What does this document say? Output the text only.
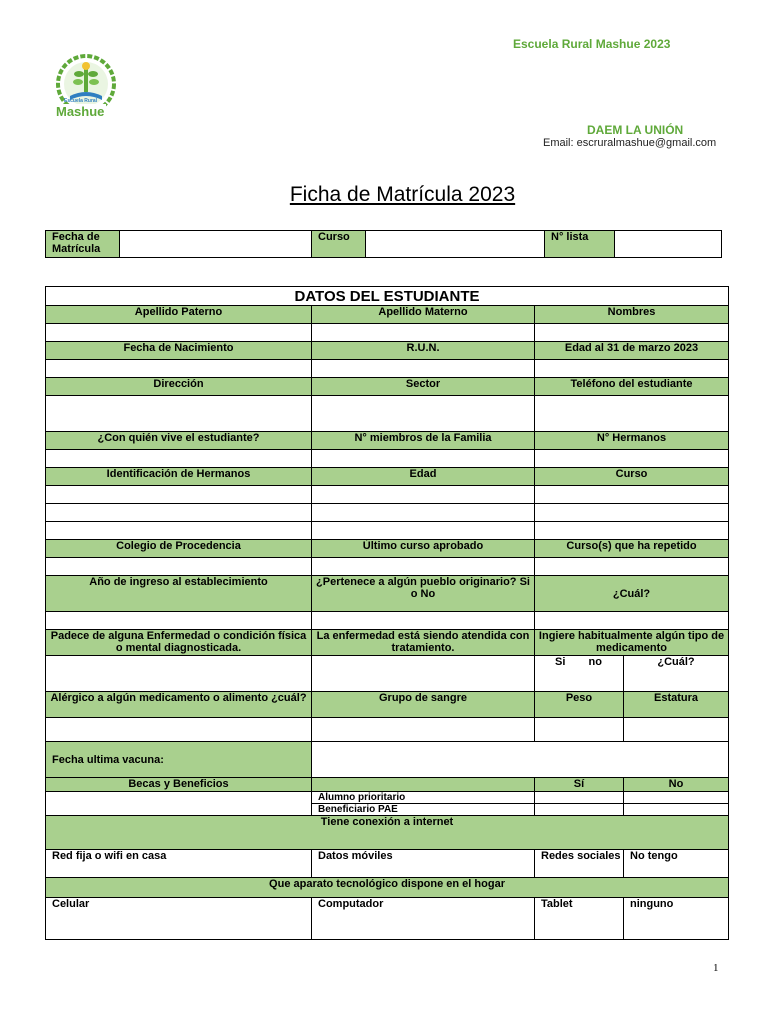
Escuela Rural
Mashue
Escuela Rural Mashue 2023
DAEM LA UNIÓN
Email: escruralmashue@gmail.com
Ficha de Matrícula 2023
Fecha de Matrícula		Curso		N° lista	
DATOS DEL ESTUDIANTE			
Apellido Paterno	Apellido Materno	Nombres	

Fecha de Nacimiento	R.U.N.	Edad al 31 de marzo 2023	

Dirección	Sector	Teléfono del estudiante	

¿Con quién vive el estudiante?	N° miembros de la Familia	N° Hermanos	

Identificación de Hermanos	Edad	Curso	

Colegio de Procedencia	Último curso aprobado	Curso(s) que ha repetido	

Año de ingreso al establecimiento	¿Pertenece a algún pueblo originario? Si o No	¿Cuál?	

Padece de alguna Enfermedad o condición física o mental diagnosticada.	La enfermedad está siendo atendida con tratamiento.	Ingiere habitualmente algún tipo de medicamento	

		Si no	¿Cuál?
Alérgico a algún medicamento o alimento ¿cuál?	Grupo de sangre	Peso	Estatura

Fecha ultima vacuna:			
Becas y Beneficios		Sí	No
	Alumno prioritario		
	Beneficiario PAE		
Tiene conexión a internet			
Red fija o wifi en casa	Datos móviles	Redes sociales	No tengo
Que aparato tecnológico dispone en el hogar			
Celular	Computador	Tablet	ninguno
1
